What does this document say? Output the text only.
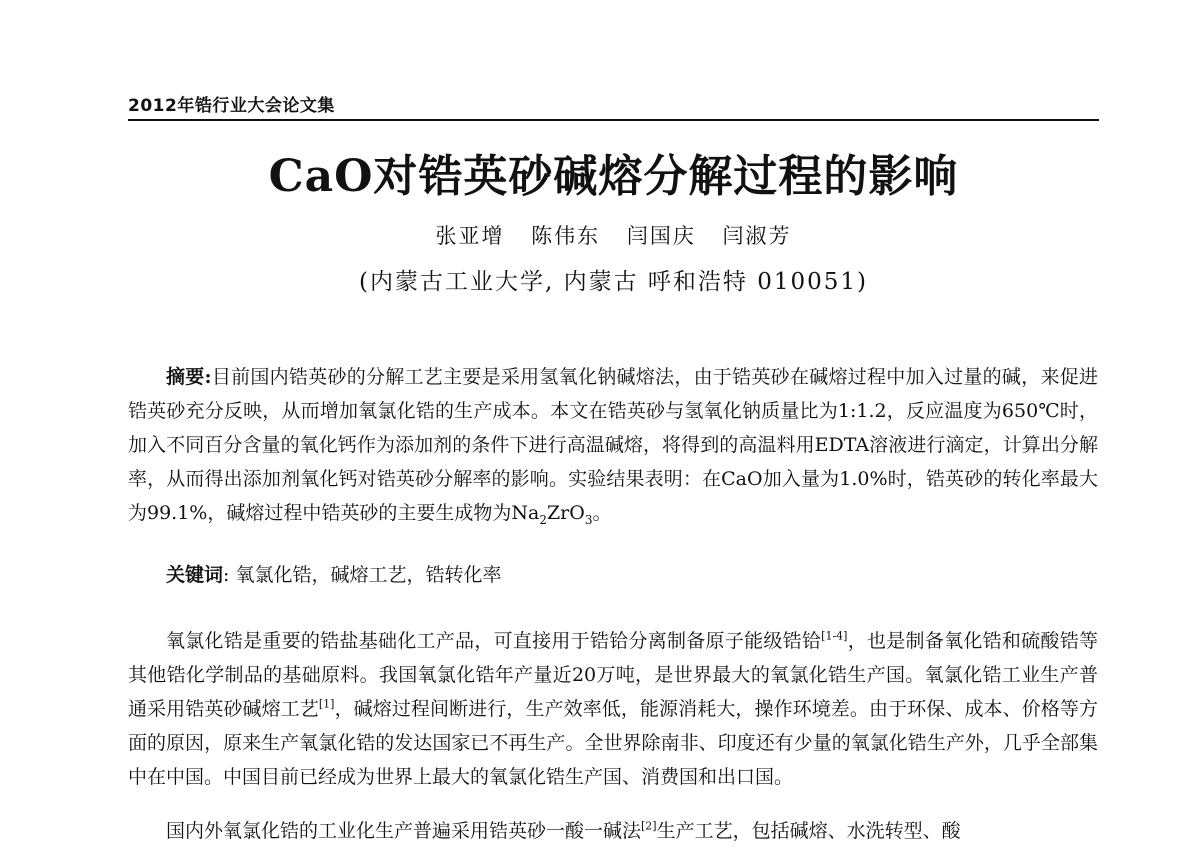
2012年锆行业大会论文集
CaO对锆英砂碱熔分解过程的影响
张亚增 陈伟东 闫国庆 闫淑芳
(内蒙古工业大学, 内蒙古 呼和浩特 010051)
摘要:目前国内锆英砂的分解工艺主要是采用氢氧化钠碱熔法，由于锆英砂在碱熔过程中加入过量的碱，来促进锆英砂充分反映，从而增加氧氯化锆的生产成本。本文在锆英砂与氢氧化钠质量比为1:1.2，反应温度为650℃时，加入不同百分含量的氧化钙作为添加剂的条件下进行高温碱熔，将得到的高温料用EDTA溶液进行滴定，计算出分解率，从而得出添加剂氧化钙对锆英砂分解率的影响。实验结果表明：在CaO加入量为1.0%时，锆英砂的转化率最大为99.1%，碱熔过程中锆英砂的主要生成物为$Na_2ZrO_3$。
关键词: 氧氯化锆，碱熔工艺，锆转化率
氧氯化锆是重要的锆盐基础化工产品，可直接用于锆铪分离制备原子能级锆铪[1-4]，也是制备氧化锆和硫酸锆等其他锆化学制品的基础原料。我国氧氯化锆年产量近20万吨，是世界最大的氧氯化锆生产国。氧氯化锆工业生产普通采用锆英砂碱熔工艺[1]，碱熔过程间断进行，生产效率低，能源消耗大，操作环境差。由于环保、成本、价格等方面的原因，原来生产氧氯化锆的发达国家已不再生产。全世界除南非、印度还有少量的氧氯化锆生产外，几乎全部集中在中国。中国目前已经成为世界上最大的氧氯化锆生产国、消费国和出口国。
国内外氧氯化锆的工业化生产普遍采用锆英砂一酸一碱法[2]生产工艺，包括碱熔、水洗转型、酸
